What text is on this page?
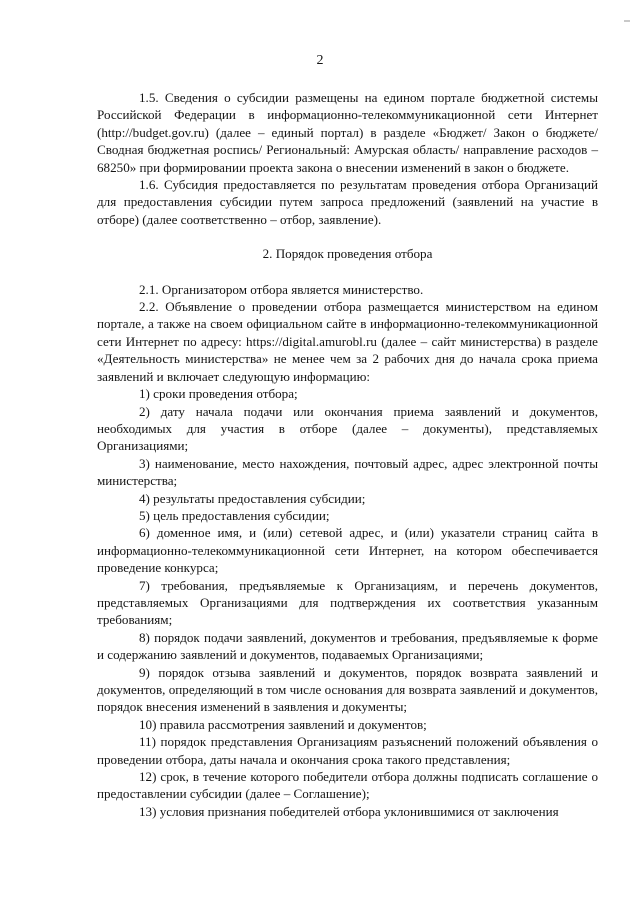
2

1.5. Сведения о субсидии размещены на едином портале бюджетной системы Российской Федерации в информационно-телекоммуникационной сети Интернет (http://budget.gov.ru) (далее – единый портал) в разделе «Бюджет/ Закон о бюджете/ Сводная бюджетная роспись/ Региональный: Амурская область/ направление расходов – 68250» при формировании проекта закона о внесении изменений в закон о бюджете.

1.6. Субсидия предоставляется по результатам проведения отбора Организаций для предоставления субсидии путем запроса предложений (заявлений на участие в отборе) (далее соответственно – отбор, заявление).

2. Порядок проведения отбора

2.1. Организатором отбора является министерство.

2.2. Объявление о проведении отбора размещается министерством на едином портале, а также на своем официальном сайте в информационно-телекоммуникационной сети Интернет по адресу: https://digital.amurobl.ru (далее – сайт министерства) в разделе «Деятельность министерства» не менее чем за 2 рабочих дня до начала срока приема заявлений и включает следующую информацию:

1) сроки проведения отбора;

2) дату начала подачи или окончания приема заявлений и документов, необходимых для участия в отборе (далее – документы), представляемых Организациями;

3) наименование, место нахождения, почтовый адрес, адрес электронной почты министерства;

4) результаты предоставления субсидии;

5) цель предоставления субсидии;

6) доменное имя, и (или) сетевой адрес, и (или) указатели страниц сайта в информационно-телекоммуникационной сети Интернет, на котором обеспечивается проведение конкурса;

7) требования, предъявляемые к Организациям, и перечень документов, представляемых Организациями для подтверждения их соответствия указанным требованиям;

8) порядок подачи заявлений, документов и требования, предъявляемые к форме и содержанию заявлений и документов, подаваемых Организациями;

9) порядок отзыва заявлений и документов, порядок возврата заявлений и документов, определяющий в том числе основания для возврата заявлений и документов, порядок внесения изменений в заявления и документы;

10) правила рассмотрения заявлений и документов;

11) порядок представления Организациям разъяснений положений объявления о проведении отбора, даты начала и окончания срока такого представления;

12) срок, в течение которого победители отбора должны подписать соглашение о предоставлении субсидии (далее – Соглашение);

13) условия признания победителей отбора уклонившимися от заключения
